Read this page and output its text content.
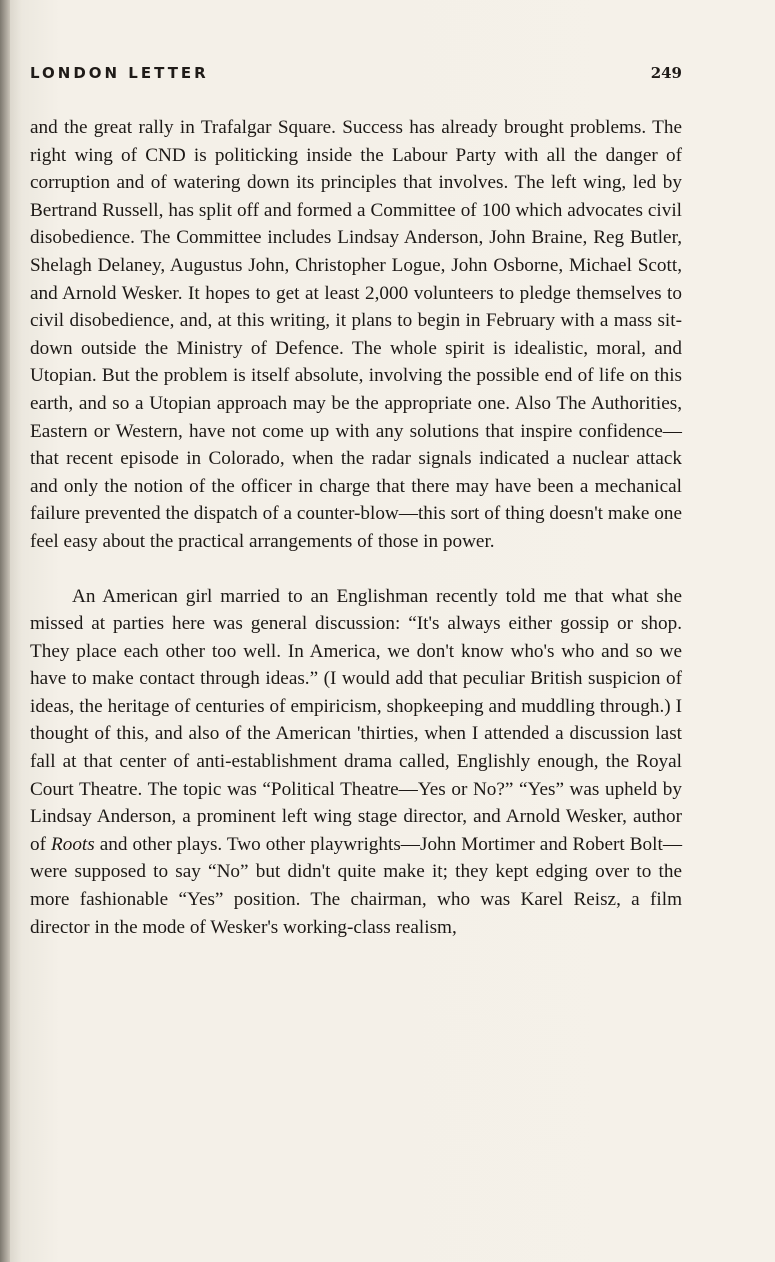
LONDON LETTER	249

and the great rally in Trafalgar Square. Success has already brought problems. The right wing of CND is politicking inside the Labour Party with all the danger of corruption and of watering down its principles that involves. The left wing, led by Bertrand Russell, has split off and formed a Committee of 100 which advocates civil disobedience. The Committee includes Lindsay Anderson, John Braine, Reg Butler, Shelagh Delaney, Augustus John, Christopher Logue, John Osborne, Michael Scott, and Arnold Wesker. It hopes to get at least 2,000 volunteers to pledge themselves to civil disobedience, and, at this writing, it plans to begin in February with a mass sit-down outside the Ministry of Defence. The whole spirit is idealistic, moral, and Utopian. But the problem is itself absolute, involving the possible end of life on this earth, and so a Utopian approach may be the appropriate one. Also The Authorities, Eastern or Western, have not come up with any solutions that inspire confidence—that recent episode in Colorado, when the radar signals indicated a nuclear attack and only the notion of the officer in charge that there may have been a mechanical failure prevented the dispatch of a counter-blow—this sort of thing doesn't make one feel easy about the practical arrangements of those in power.

An American girl married to an Englishman recently told me that what she missed at parties here was general discussion: “It's always either gossip or shop. They place each other too well. In America, we don't know who's who and so we have to make contact through ideas.” (I would add that peculiar British suspicion of ideas, the heritage of centuries of empiricism, shopkeeping and muddling through.) I thought of this, and also of the American 'thirties, when I attended a discussion last fall at that center of anti-establishment drama called, Englishly enough, the Royal Court Theatre. The topic was “Political Theatre—Yes or No?” “Yes” was upheld by Lindsay Anderson, a prominent left wing stage director, and Arnold Wesker, author of Roots and other plays. Two other playwrights—John Mortimer and Robert Bolt—were supposed to say “No” but didn't quite make it; they kept edging over to the more fashionable “Yes” position. The chairman, who was Karel Reisz, a film director in the mode of Wesker's working-class realism,
